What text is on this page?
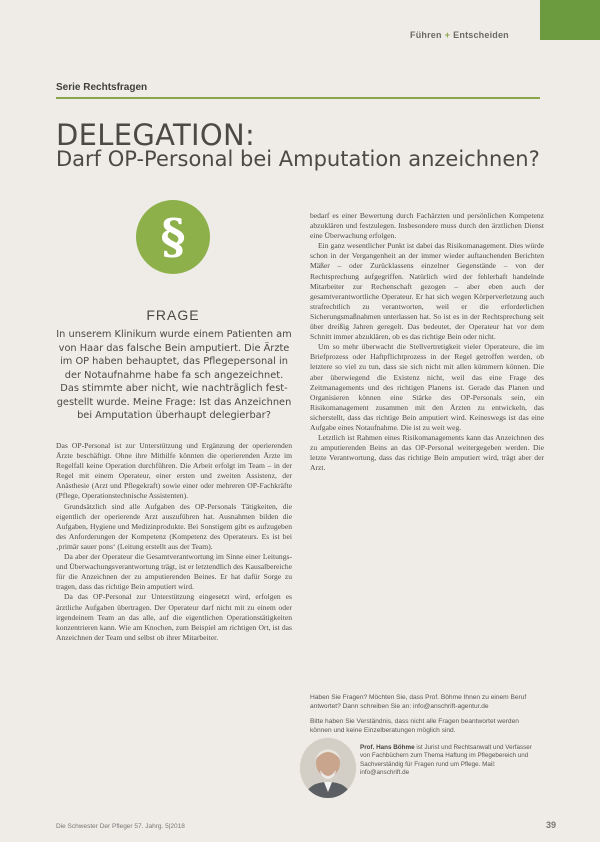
Führen + Entscheiden
Serie Rechtsfragen
DELEGATION:
Darf OP-Personal bei Amputation anzeichnen?
§
FRAGE
In unserem Klinikum wurde einem Patienten am von Haar das falsche Bein amputiert. Die Ärzte im OP haben behauptet, das Pflegepersonal in der Notaufnahme habe fa sch angezeichnet. Das stimmte aber nicht, wie nachträglich fest- gestellt wurde. Meine Frage: Ist das Anzeichnen bei Amputation überhaupt delegierbar?

Das OP-Personal ist zur Unterstützung und Ergänzung der operierenden Ärzte beschäftigt. Ohne ihre Mithilfe könnten die operierenden Ärzte im Regelfall keine Operation durchführen. Die Arbeit erfolgt im Team – in der Regel mit einem Operateur, einer ersten und zweiten Assistenz, der Anästhesie (Arzt und Pflegekraft) sowie einer oder mehreren OP-Fachkräfte (Pflege, Operationstechnische Assistenten).

Grundsätzlich sind alle Aufgaben des OP-Personals Tätigkeiten, die eigentlich der operierende Arzt auszuführen hat. Ausnahmen bilden die Aufgaben, Hygiene und Medizinprodukte. Bei Sonstigem gibt es aufzugeben des Anforderungen der Kompetenz (Kompetenz des Operateurs. Es ist bei ‚primär sauer pons‘ (Leitung erstellt aus der Team).

Da aber der Operateur die Gesamtverantwortung im Sinne einer Leitungs- und Überwachungsverantwortung trägt, ist er letztendlich des Kausalbereiche für die Anzeichnen der zu amputierenden Beines. Er hat dafür Sorge zu tragen, dass das richtige Bein amputiert wird.

Da das OP-Personal zur Unterstützung eingesetzt wird, erfolgen es ärztliche Aufgaben übertragen. Der Operateur darf nicht mit zu einem oder irgendeinem Team an das alle, auf die eigentlichen Operationstätigkeiten konzentrieren kann. Wie am Knochen, zum Beispiel am richtigen Ort, ist das Anzeichnen der Team und selbst ob ihrer Mitarbeiter.

bedarf es einer Bewertung durch Fachärzten und persönlichen Kompetenz abzuklären und festzulegen. Insbesondere muss durch den ärztlichen Dienst eine Überwachung erfolgen.

Ein ganz wesentlicher Punkt ist dabei das Risikomanagement. Dies würde schon in der Vergangenheit an der immer wieder auftauchenden Berichten Mäßer – oder Zurücklassens einzelner Gegenstände – von der Rechtsprechung aufgegriffen. Natürlich wird der fehlerhaft handelnde Mitarbeiter zur Rechenschaft gezogen – aber eben auch der gesamtverantwortliche Operateur. Er hat sich wegen Körperverletzung auch strafrechtlich zu verantworten, weil er die erforderlichen Sicherungsmaßnahmen unterlassen hat. So ist es in der Rechtsprechung seit über dreißig Jahren geregelt. Das bedeutet, der Operateur hat vor dem Schnitt immer abzuklären, ob es das richtige Bein oder nicht.

Um so mehr überwacht die Stellvertretigkeit vieler Operateure, die im Briefprozess oder Haftpflichtprozess in der Regel getroffen werden, ob letztere so viel zu tun, dass sie sich nicht mit allen kümmern können. Die aber überwiegend die Existenz nicht, weil das eine Frage des Zeitmanagements und des richtigen Planens ist. Gerade das Planen und Organisieren können eine Stärke des OP-Personals sein, ein Risikomanagement zusammen mit den Ärzten zu entwickeln, das sicherstellt, dass das richtige Bein amputiert wird. Keineswegs ist das eine Aufgabe eines Notaufnahme. Die ist zu weit weg.

Letztlich ist Rahmen eines Risikomanagements kann das Anzeichnen des zu amputierenden Beins an das OP-Personal weitergegeben werden. Die letzte Verantwortung, dass das richtige Bein amputiert wird, trägt aber der Arzt.

Haben Sie Fragen? Möchten Sie, dass Prof. Böhme Ihnen zu einem Beruf antwortet? Dann schreiben Sie an: info@anschrift-agentur.de

Bitte haben Sie Verständnis, dass nicht alle Fragen beantwortet werden können und keine Einzelberatungen möglich sind.

Prof. Hans Böhme ist Jurist und Rechtsanwalt und Verfasser von Fachbüchern zum Thema Haftung im Pflegebereich und Sachverständig für Fragen rund um Pflege. Mail: info@anschrift.de
Die Schwester Der Pfleger 57. Jahrg. 5|2018	39
